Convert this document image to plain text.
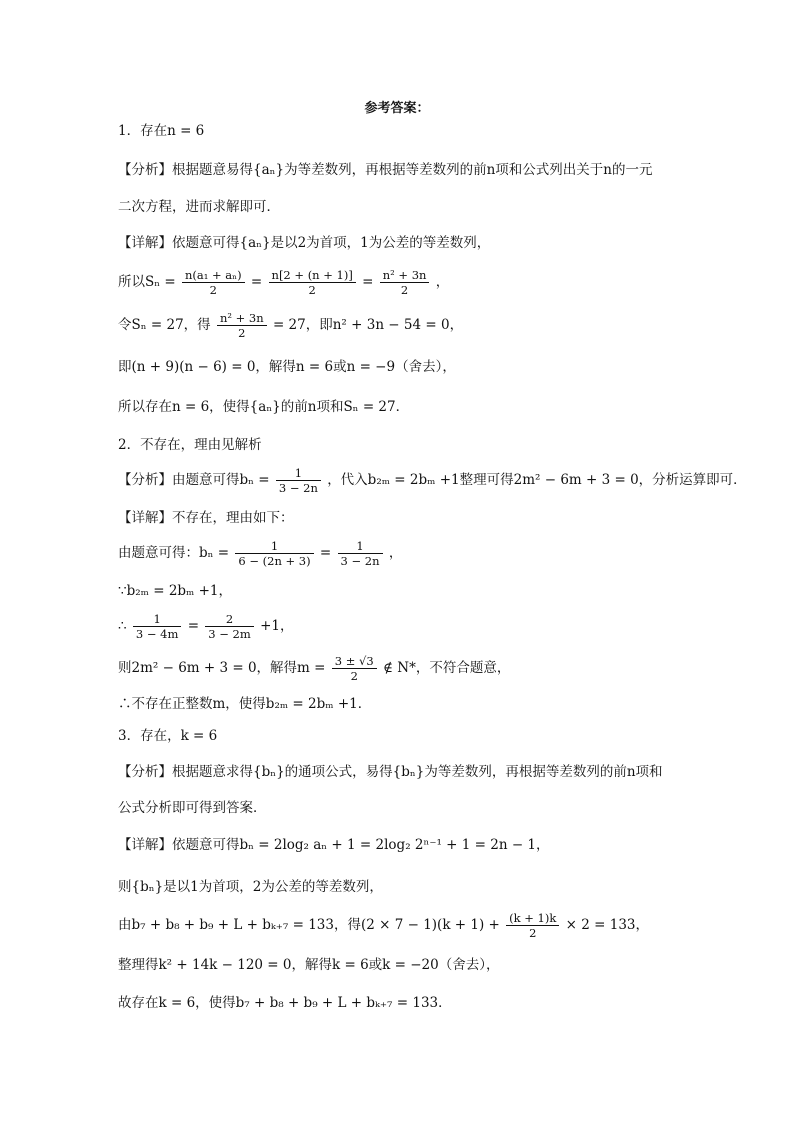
参考答案：
1．存在n = 6
【分析】根据题意易得{aₙ}为等差数列，再根据等差数列的前n项和公式列出关于n的一元
二次方程，进而求解即可．
【详解】依题意可得{aₙ}是以2为首项，1为公差的等差数列，
所以$S_n = \frac{\text{n(a₁ + aₙ)}}{2} = \frac{n[2 + (n + 1)]}{2} = \frac{\text{n² + 3n}}{2}$ ，
令Sₙ = 27，得 $\frac{\text{n² + 3n}}{2} = 27$，即n² + 3n − 54 = 0，
即(n + 9)(n − 6) = 0，解得n = 6或n = −9（舍去），
所以存在n = 6，使得{aₙ}的前n项和Sₙ = 27．
2．不存在，理由见解析
【分析】由题意可得$b_n = \frac{1}{3 - 2n}$ ，代入b₂ₘ = 2bₘ +1整理可得2m² − 6m + 3 = 0，分析运算即可．
【详解】不存在，理由如下：
由题意可得：$b_n = \frac{1}{6 - (2n + 3)} = \frac{1}{3 - 2n}$ ，
∵b₂ₘ = 2bₘ +1，
∴ $\frac{1}{3 - 4m} = \frac{2}{3 - 2m} +1$，
则2m² − 6m + 3 = 0，解得$m = \frac{3 \pm √3}{2}$ ∉ N*，不符合题意，
∴不存在正整数m，使得b₂ₘ = 2bₘ +1．
3．存在，k = 6
【分析】根据题意求得{bₙ}的通项公式，易得{bₙ}为等差数列，再根据等差数列的前n项和
公式分析即可得到答案．
【详解】依题意可得bₙ = 2log₂ aₙ + 1 = 2log₂ 2ⁿ⁻¹ + 1 = 2n − 1，
则{bₙ}是以1为首项，2为公差的等差数列，
由b₇ + b₈ + b₉ + L + bₖ₊₇ = 133，得$(2 \times 7 - 1)(k + 1) + \frac{(k + 1)k}{2} \times 2 = 133$，
整理得k² + 14k − 120 = 0，解得k = 6或k = −20（舍去），
故存在k = 6，使得b₇ + b₈ + b₉ + L + bₖ₊₇ = 133．
